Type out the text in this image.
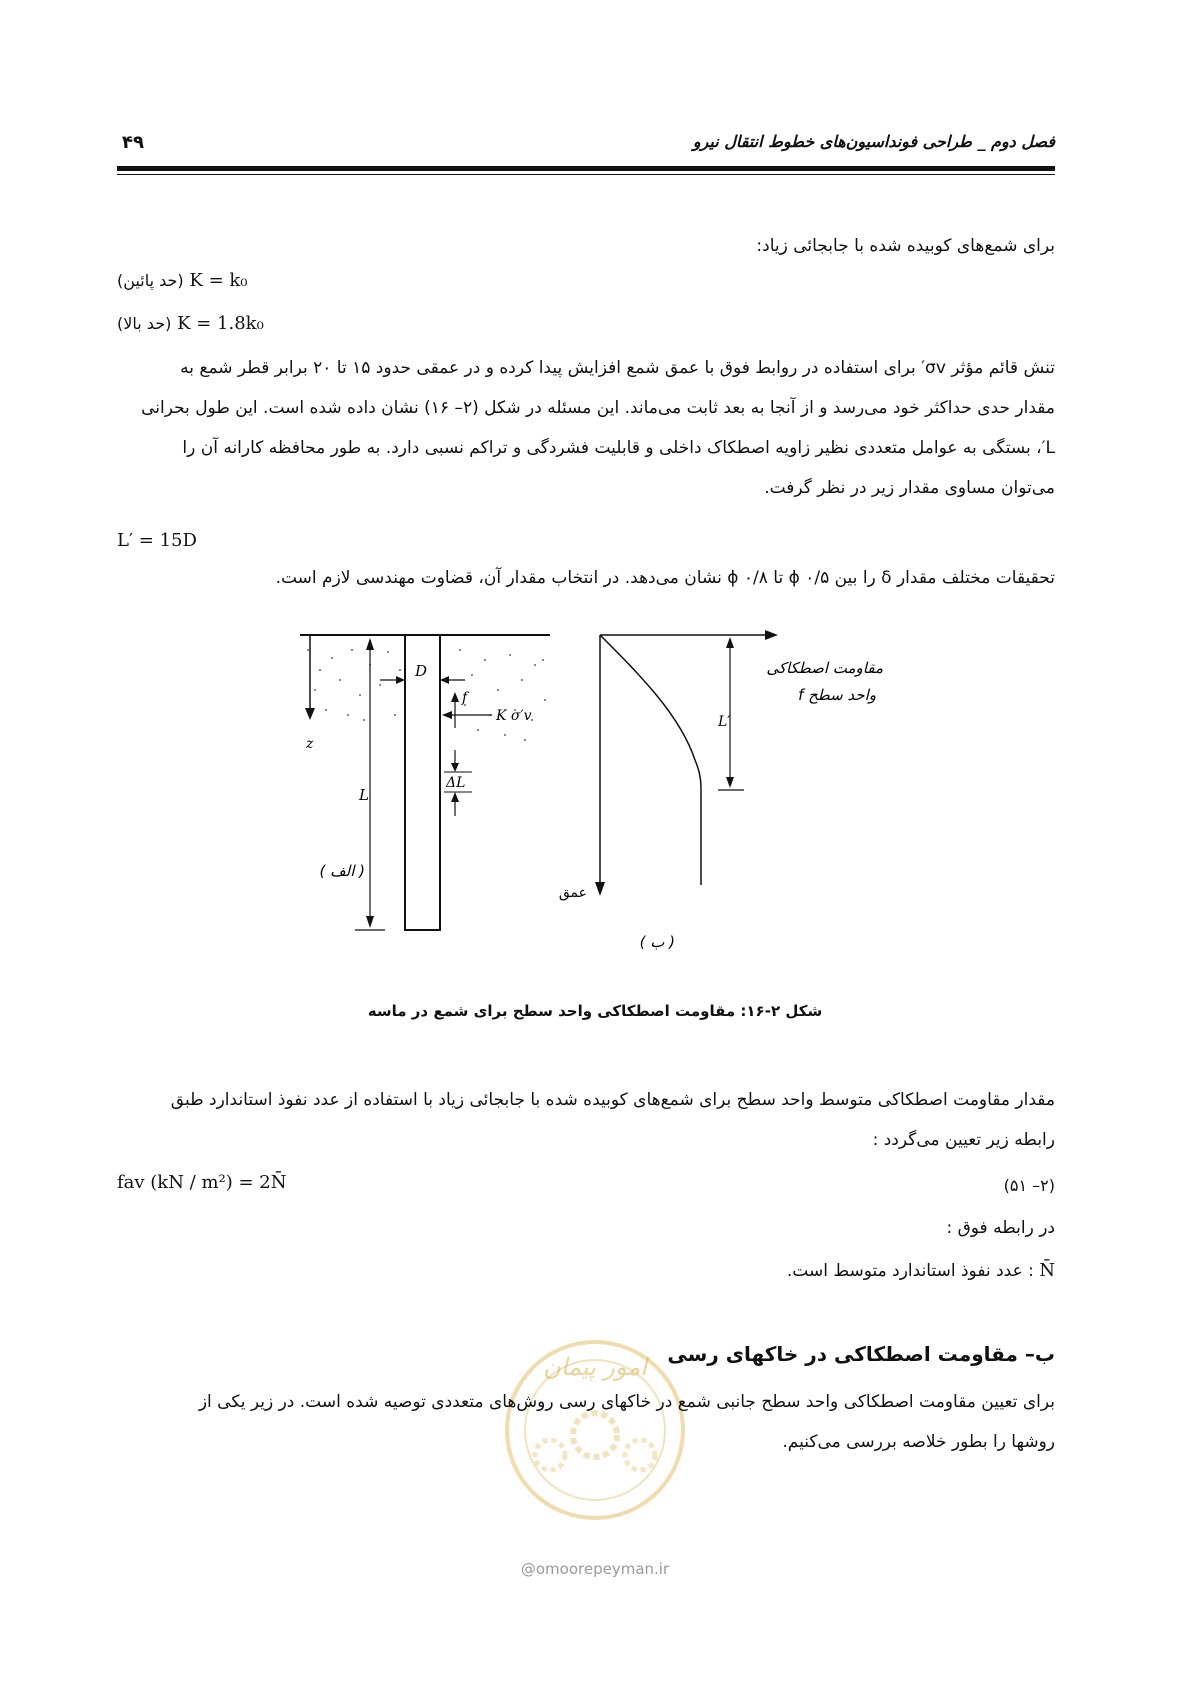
فصل دوم _ طراحی فونداسیون‌های خطوط انتقال نیرو
۴۹
برای شمع‌های کوبیده شده با جابجائی زیاد:
(حد پائین) K = k₀
(حد بالا) K = 1.8k₀
تنش قائم مؤثر σv′ برای استفاده در روابط فوق با عمق شمع افزایش پیدا کرده و در عمقی حدود ۱۵ تا ۲۰ برابر قطر شمع به
مقدار حدی حداکثر خود می‌رسد و از آنجا به بعد ثابت می‌ماند. این مسئله در شکل (۲– ۱۶) نشان داده شده است. این طول بحرانی
L′، بستگی به عوامل متعددی نظیر زاویه اصطکاک داخلی و قابلیت فشردگی و تراکم نسبی دارد. به طور محافظه کارانه آن را
می‌توان مساوی مقدار زیر در نظر گرفت.
L′ = 15D
تحقیقات مختلف مقدار δ را بین ϕ ۰/۵ تا ϕ ۰/۸ نشان می‌دهد. در انتخاب مقدار آن، قضاوت مهندسی لازم است.
z
L
D
f
K σ′v
ΔL
( الف )
L′
مقاومت اصطکاکی
واحد سطح f
عمق
( ب )
شکل ۲-۱۶: مقاومت اصطکاکی واحد سطح برای شمع در ماسه
مقدار مقاومت اصطکاکی متوسط واحد سطح برای شمع‌های کوبیده شده با جابجائی زیاد با استفاده از عدد نفوذ استاندارد طبق
رابطه زیر تعیین می‌گردد :
fav (kN / m²) = 2N̄	(۲– ۵۱)
در رابطه فوق :
N̄ : عدد نفوذ استاندارد متوسط است.
امور پیمان ب– مقاومت اصطکاکی در خاکهای رسی
برای تعیین مقاومت اصطکاکی واحد سطح جانبی شمع در خاکهای رسی روش‌های متعددی توصیه شده است. در زیر یکی از
روشها را بطور خلاصه بررسی می‌کنیم.
@omoorepeyman.ir
